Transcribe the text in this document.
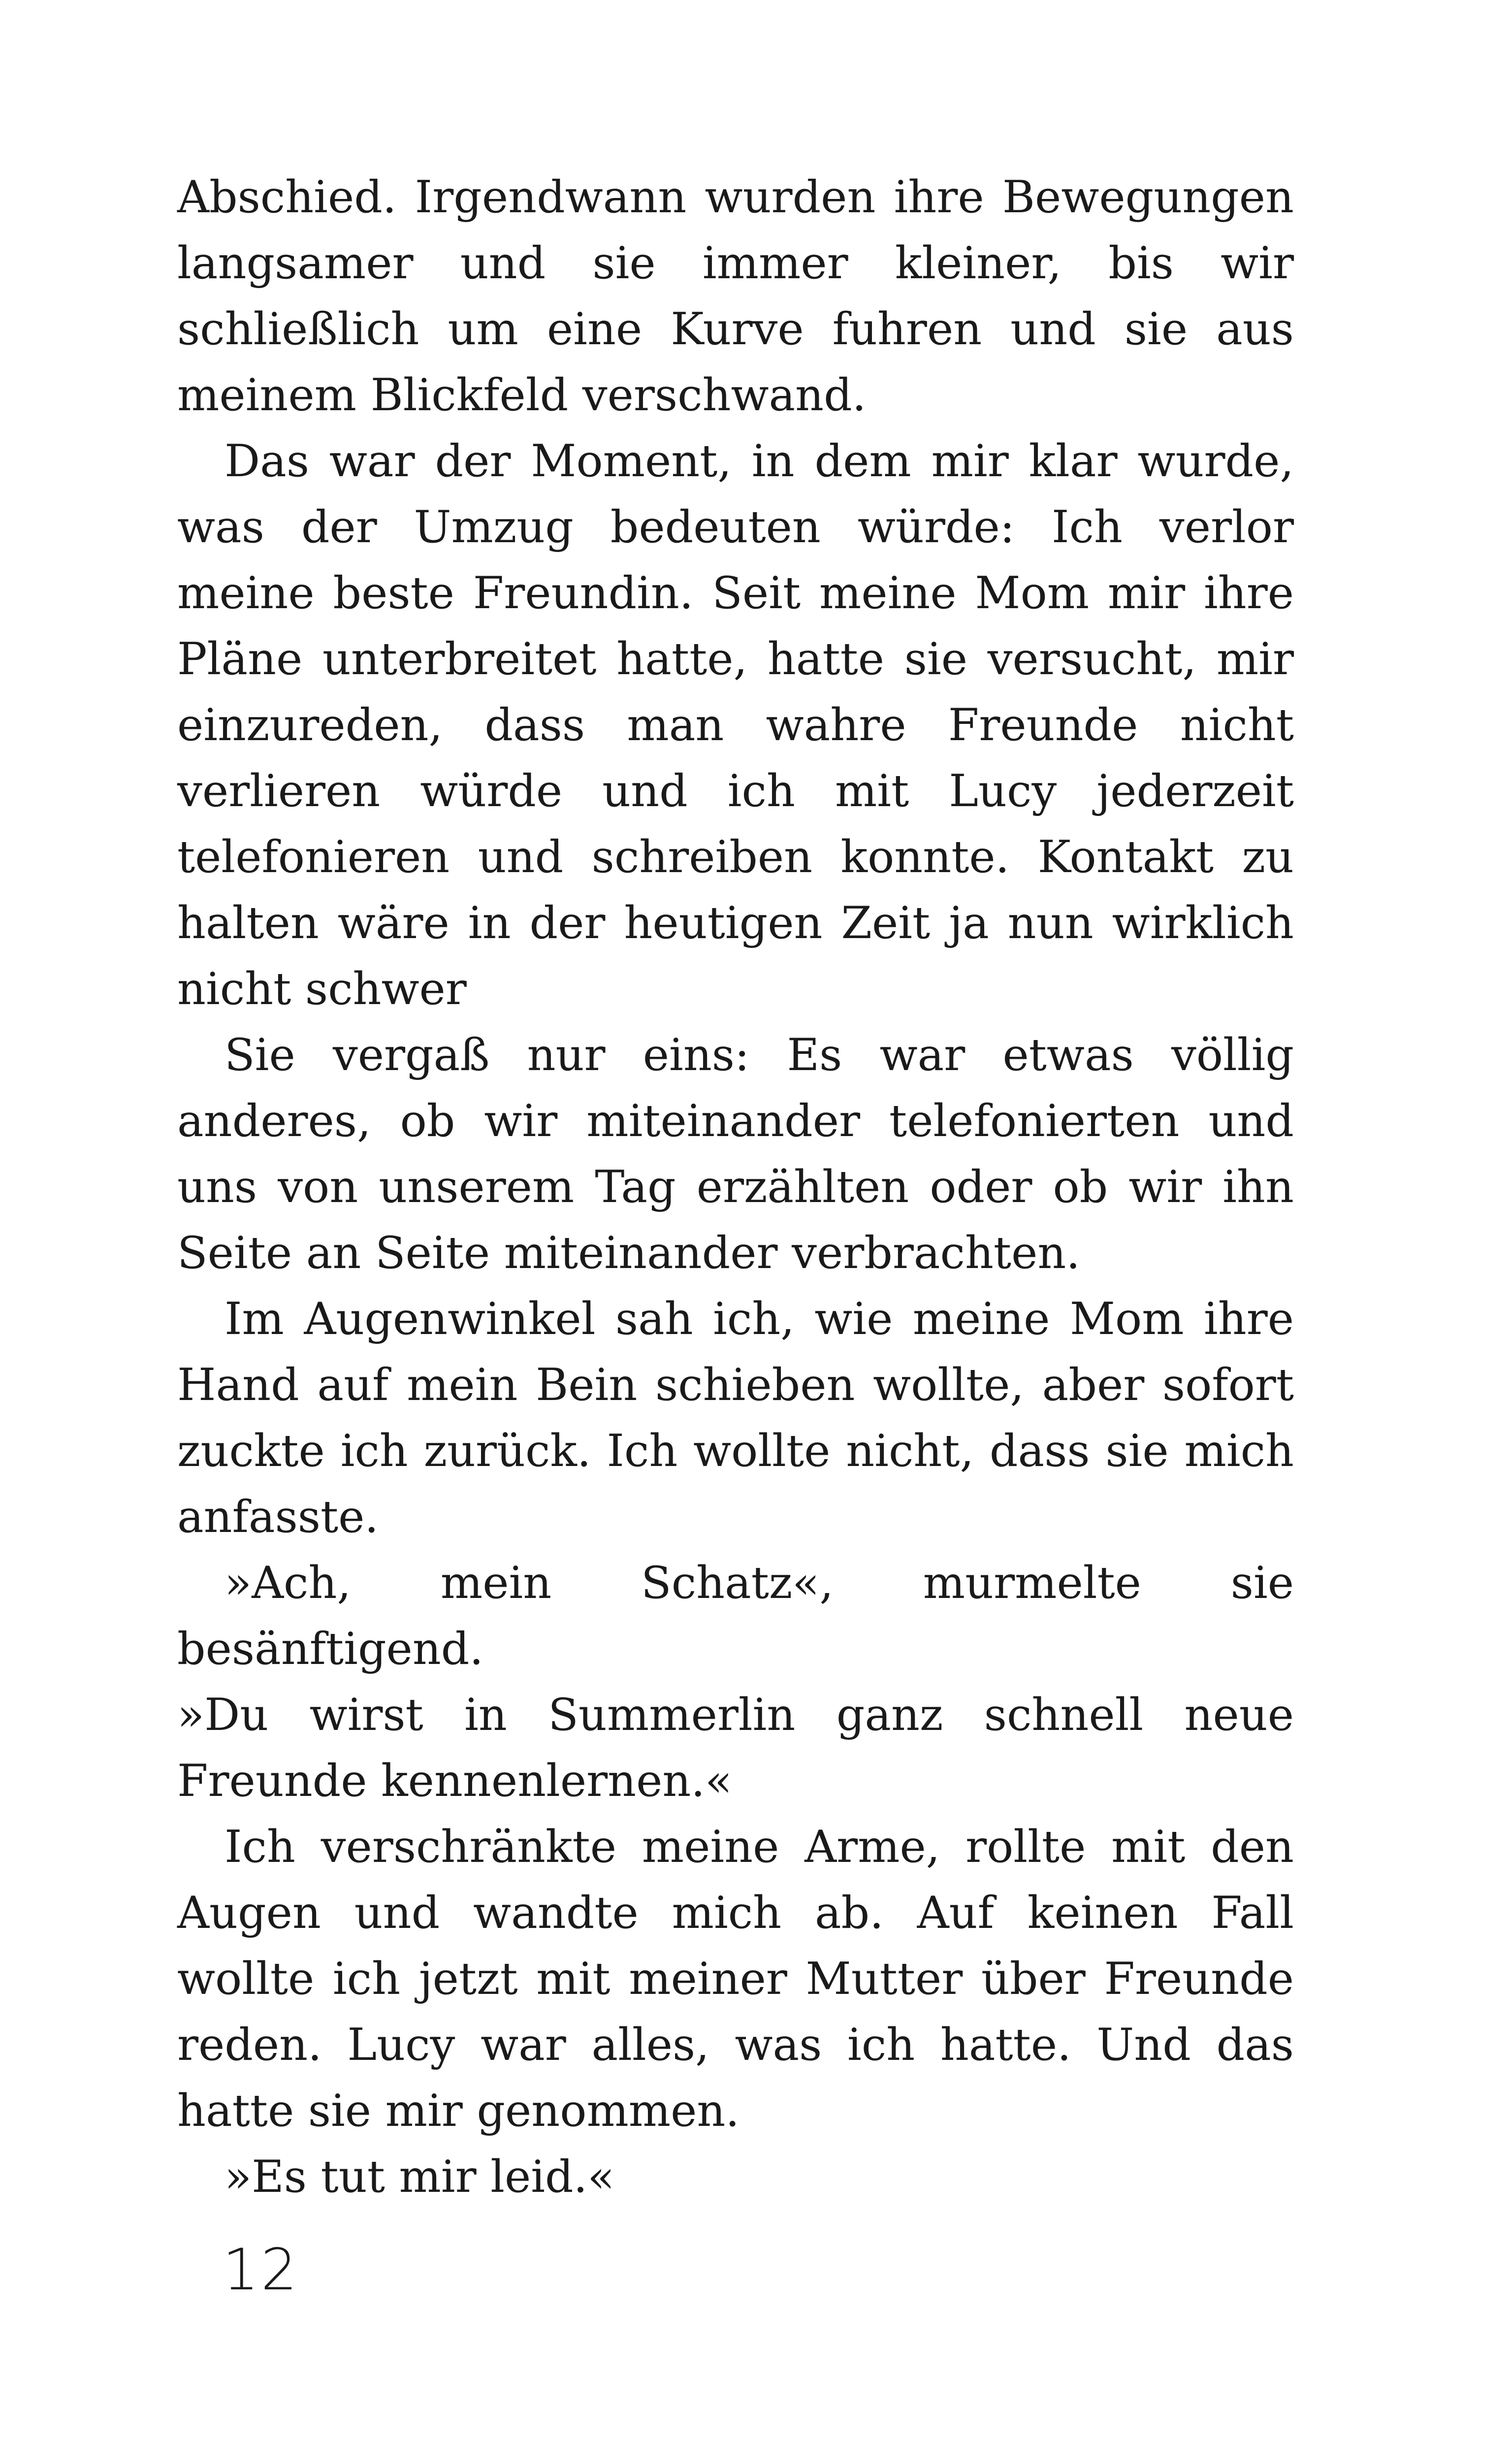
Abschied. Irgendwann wurden ihre Bewegungen langsamer und sie immer kleiner, bis wir schließlich um eine Kurve fuhren und sie aus meinem Blickfeld verschwand.

Das war der Moment, in dem mir klar wurde, was der Umzug bedeuten würde: Ich verlor meine beste Freundin. Seit meine Mom mir ihre Pläne unterbreitet hatte, hatte sie versucht, mir einzureden, dass man wahre Freunde nicht verlieren würde und ich mit Lucy jederzeit telefonieren und schreiben konnte. Kontakt zu halten wäre in der heutigen Zeit ja nun wirklich nicht schwer

Sie vergaß nur eins: Es war etwas völlig anderes, ob wir miteinander telefonierten und uns von unserem Tag erzählten oder ob wir ihn Seite an Seite miteinander verbrachten.

Im Augenwinkel sah ich, wie meine Mom ihre Hand auf mein Bein schieben wollte, aber sofort zuckte ich zurück. Ich wollte nicht, dass sie mich anfasste.

»Ach, mein Schatz«, murmelte sie besänftigend.

»Du wirst in Summerlin ganz schnell neue Freunde kennenlernen.«

Ich verschränkte meine Arme, rollte mit den Augen und wandte mich ab. Auf keinen Fall wollte ich jetzt mit meiner Mutter über Freunde reden. Lucy war alles, was ich hatte. Und das hatte sie mir genommen.

»Es tut mir leid.«

12
